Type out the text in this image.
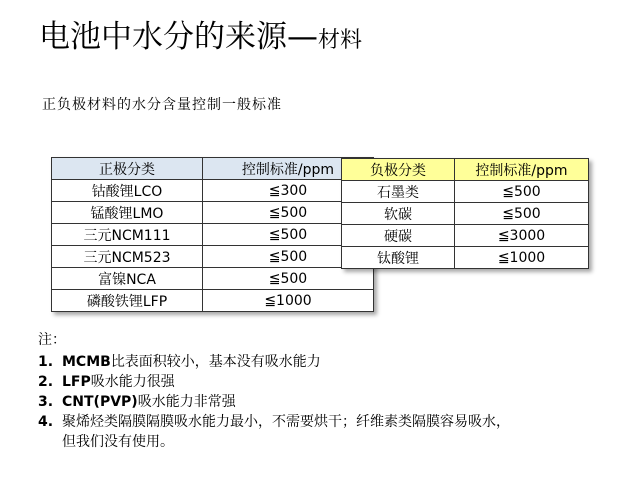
电池中水分的来源—材料
正负极材料的水分含量控制一般标准
正极分类	控制标准/ppm
钴酸锂LCO	≦300
锰酸锂LMO	≦500
三元NCM111	≦500
三元NCM523	≦500
富镍NCA	≦500
磷酸铁锂LFP	≦1000
负极分类	控制标准/ppm
石墨类	≦500
软碳	≦500
硬碳	≦3000
钛酸锂	≦1000
注：
1. MCMB比表面积较小，基本没有吸水能力
2. LFP吸水能力很强
3. CNT(PVP)吸水能力非常强
4. 聚烯烃类隔膜隔膜吸水能力最小，不需要烘干；纤维素类隔膜容易吸水，
但我们没有使用。
